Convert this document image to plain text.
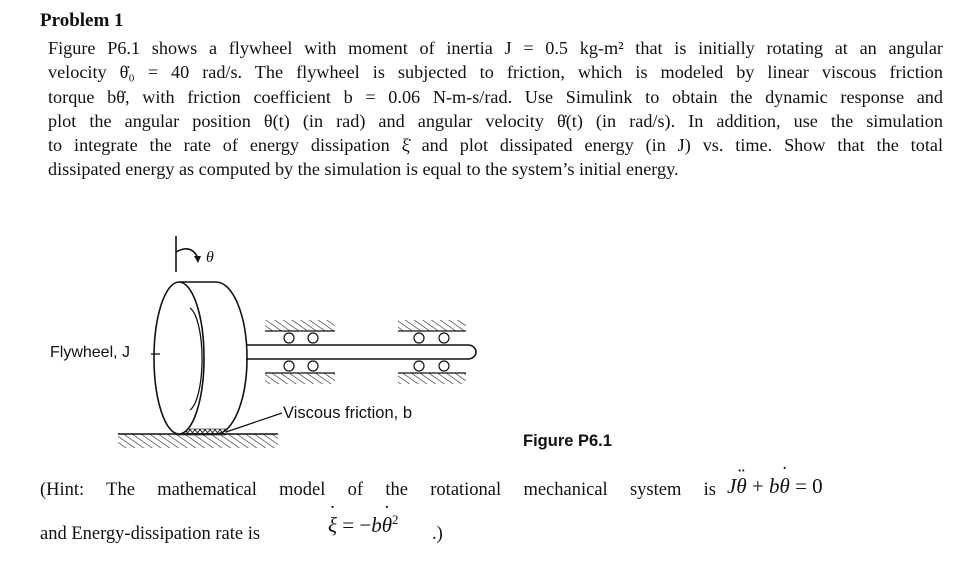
Problem 1
Figure P6.1 shows a flywheel with moment of inertia J = 0.5 kg-m² that is initially rotating at an angular
velocity θ̇₀ = 40 rad/s. The flywheel is subjected to friction, which is modeled by linear viscous friction
torque bθ̇, with friction coefficient b = 0.06 N-m-s/rad. Use Simulink to obtain the dynamic response and
plot the angular position θ(t) (in rad) and angular velocity θ̇(t) (in rad/s). In addition, use the simulation
to integrate the rate of energy dissipation ξ̇ and plot dissipated energy (in J) vs. time. Show that the total
dissipated energy as computed by the simulation is equal to the system’s initial energy.
θ
Flywheel, J
Viscous friction, b
Figure P6.1
(Hint: The mathematical model of the rotational mechanical system is Jθ ¨ + bθ ˙ = 0
and Energy-dissipation rate is	ξ ˙ = −bθ ˙$^2$
.)
